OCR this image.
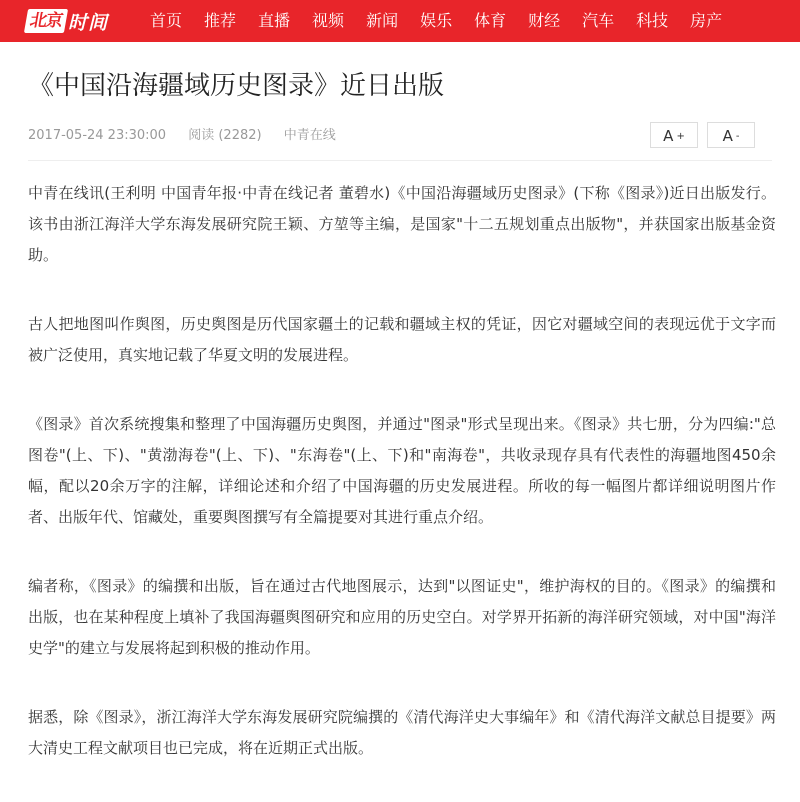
北京 时间	首页 推荐 直播 视频 新闻 娱乐 体育 财经 汽车 科技 房产
《中国沿海疆域历史图录》近日出版
2017-05-24 23:30:00 阅读 (2282) 中青在线	A +	A -

中青在线讯(王利明 中国青年报·中青在线记者 董碧水)《中国沿海疆域历史图录》(下称《图录》)近日出版发行。该书由浙江海洋大学东海发展研究院王颖、方堃等主编，是国家"十二五规划重点出版物"，并获国家出版基金资助。

古人把地图叫作舆图，历史舆图是历代国家疆土的记载和疆域主权的凭证，因它对疆域空间的表现远优于文字而被广泛使用，真实地记载了华夏文明的发展进程。

《图录》首次系统搜集和整理了中国海疆历史舆图，并通过"图录"形式呈现出来。《图录》共七册，分为四编:"总图卷"(上、下)、"黄渤海卷"(上、下)、"东海卷"(上、下)和"南海卷"，共收录现存具有代表性的海疆地图450余幅，配以20余万字的注解，详细论述和介绍了中国海疆的历史发展进程。所收的每一幅图片都详细说明图片作者、出版年代、馆藏处，重要舆图撰写有全篇提要对其进行重点介绍。

编者称，《图录》的编撰和出版，旨在通过古代地图展示，达到"以图证史"，维护海权的目的。《图录》的编撰和出版，也在某种程度上填补了我国海疆舆图研究和应用的历史空白。对学界开拓新的海洋研究领域，对中国"海洋史学"的建立与发展将起到积极的推动作用。

据悉，除《图录》，浙江海洋大学东海发展研究院编撰的《清代海洋史大事编年》和《清代海洋文献总目提要》两大清史工程文献项目也已完成，将在近期正式出版。
